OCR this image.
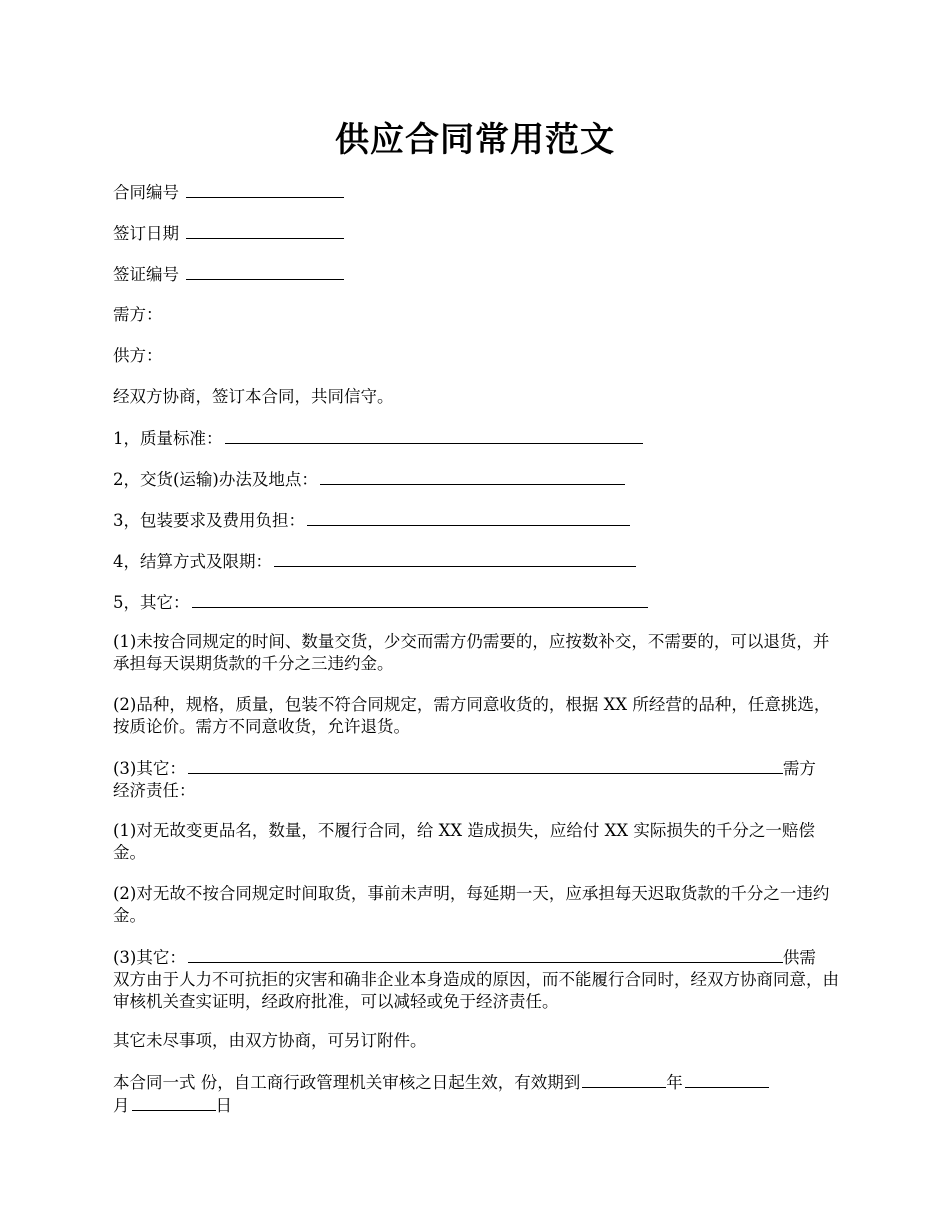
供应合同常用范文
合同编号
签订日期
签证编号
需方：
供方：
经双方协商，签订本合同，共同信守。
1，质量标准：
2，交货(运输)办法及地点：
3，包装要求及费用负担：
4，结算方式及限期：
5，其它：
(1)未按合同规定的时间、数量交货，少交而需方仍需要的，应按数补交，不需要的，可以退货，并承担每天误期货款的千分之三违约金。
(2)品种，规格，质量，包装不符合同规定，需方同意收货的，根据 XX 所经营的品种，任意挑选，按质论价。需方不同意收货，允许退货。
(3)其它：	需方
经济责任：
(1)对无故变更品名，数量，不履行合同，给 XX 造成损失，应给付 XX 实际损失的千分之一赔偿金。
(2)对无故不按合同规定时间取货，事前未声明，每延期一天，应承担每天迟取货款的千分之一违约金。
(3)其它：	供需
双方由于人力不可抗拒的灾害和确非企业本身造成的原因，而不能履行合同时，经双方协商同意，由审核机关查实证明，经政府批准，可以减轻或免于经济责任。
其它未尽事项，由双方协商，可另订附件。
本合同一式 份，自工商行政管理机关审核之日起生效，有效期到	年
月	日
